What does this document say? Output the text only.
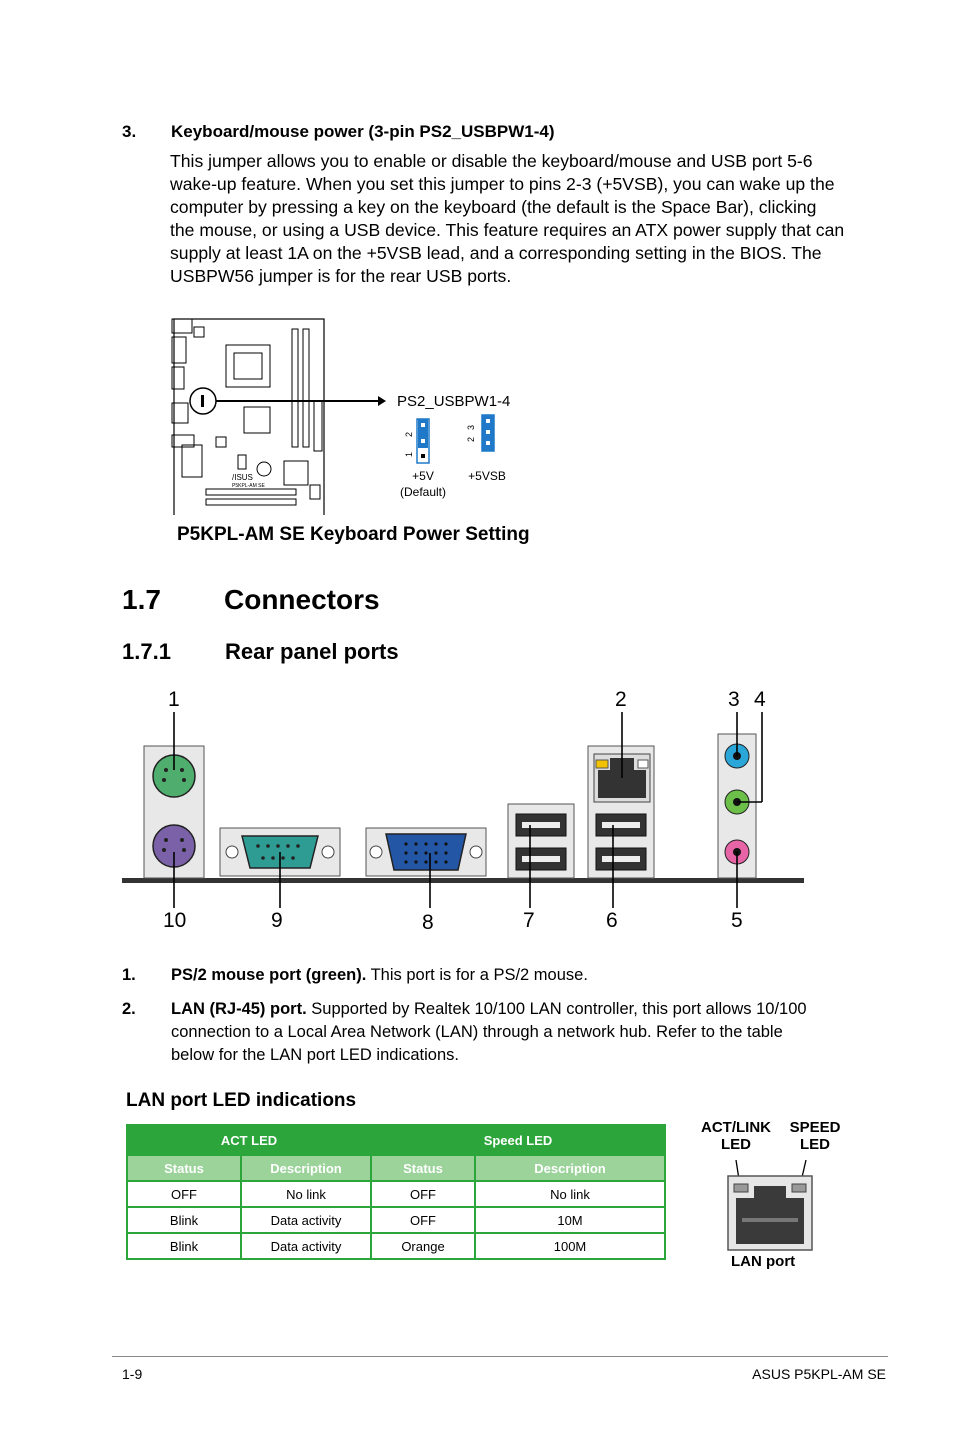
3. Keyboard/mouse power (3-pin PS2_USBPW1-4)
This jumper allows you to enable or disable the keyboard/mouse and USB port 5-6
wake-up feature. When you set this jumper to pins 2-3 (+5VSB), you can wake up the
computer by pressing a key on the keyboard (the default is the Space Bar), clicking
the mouse, or using a USB device. This feature requires an ATX power supply that can
supply at least 1A on the +5VSB lead, and a corresponding setting in the BIOS. The
USBPW56 jumper is for the rear USB ports.
/ISUS
P5KPL-AM SE
PS2_USBPW1-4
2
1
+5V
(Default)
3
2
+5VSB
P5KPL-AM SE Keyboard Power Setting
1.7 Connectors
1.7.1 Rear panel ports
1	2	3 4
10	9	8	7	6	5
1. PS/2 mouse port (green). This port is for a PS/2 mouse.
2. LAN (RJ-45) port. Supported by Realtek 10/100 LAN controller, this port allows 10/100
connection to a Local Area Network (LAN) through a network hub. Refer to the table
below for the LAN port LED indications.
LAN port LED indications
ACT LED		Speed LED	
Status	Description	Status	Description
OFF	No link	OFF	No link
Blink	Data activity	OFF	10M
Blink	Data activity	Orange	100M
ACT/LINK
LED
SPEED
LED
LAN port
1-9	ASUS P5KPL-AM SE
